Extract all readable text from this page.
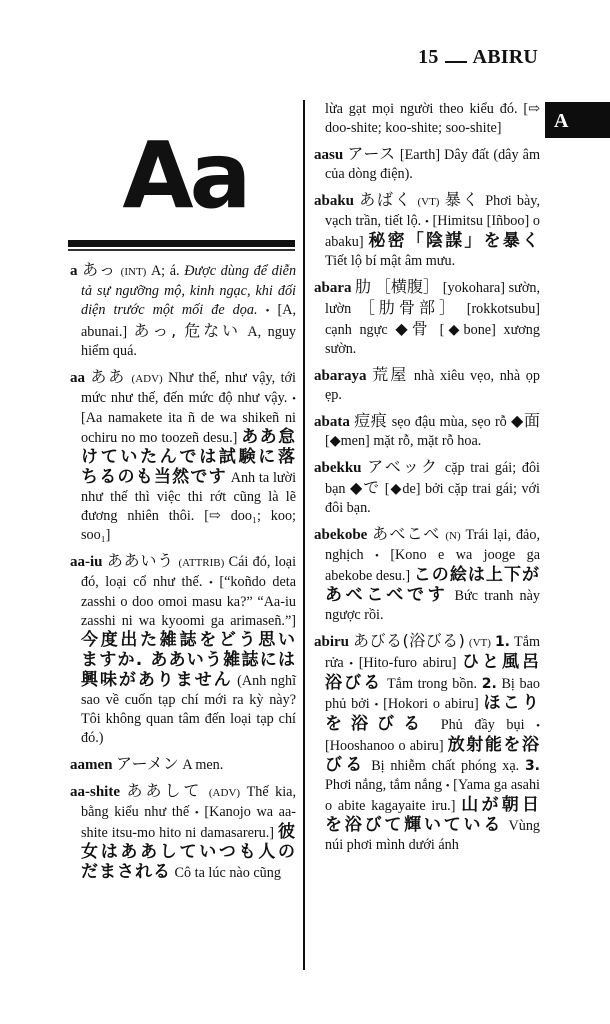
15 ABIRU
A
Aa

a あっ (INT) A; á. Được dùng để diễn tả sự ngưỡng mộ, kinh ngạc, khi đối diện trước một mối đe dọa. • [A, abunai.] あっ, 危ない A, nguy hiểm quá.

aa ああ (ADV) Như thế, như vậy, tới mức như thế, đến mức độ như vậy. • [Aa namakete ita ñ de wa shikeñ ni ochiru no mo toozeñ desu.] ああ怠けていたんでは試験に落ちるのも当然です Anh ta lười như thế thì việc thi rớt cũng là lẽ đương nhiên thôi. [⇨ doo₁; koo; soo₁]

aa-iu ああいう (ATTRIB) Cái đó, loại đó, loại cổ như thế. • [“koñdo deta zasshi o doo omoi masu ka?” “Aa-iu zasshi ni wa kyoomi ga arimaseñ.”] 今度出た雑誌をどう思いますか. ああいう雑誌には興味がありません (Anh nghĩ sao về cuốn tạp chí mới ra kỳ này? Tôi không quan tâm đến loại tạp chí đó.)

aamen アーメン A men.

aa-shite ああして (ADV) Thế kia, bằng kiểu như thế • [Kanojo wa aa-shite itsu-mo hito ni damasareru.] 彼女はああしていつも人のだまされる Cô ta lúc nào cũng

lừa gạt mọi người theo kiểu đó. [⇨ doo-shite; koo-shite; soo-shite]

aasu アース [Earth] Dây đất (dây âm của dòng điện).

abaku あばく (VT) 暴く Phơi bày, vạch trần, tiết lộ. • [Himitsu [Iñboo] o abaku] 秘密「陰謀」を暴く Tiết lộ bí mật âm mưu.

abara 肋 ［横腹］ [yokohara] sườn, lườn ［肋骨部］ [rokkotsubu] cạnh ngực ◆骨 [◆bone] xương sườn.

abaraya 荒屋 nhà xiêu vẹo, nhà ọp ẹp.

abata 痘痕 sẹo đậu mùa, sẹo rỗ ◆面 [◆men] mặt rỗ, mặt rỗ hoa.

abekku アベック cặp trai gái; đôi bạn ◆で [◆de] bởi cặp trai gái; với đôi bạn.

abekobe あべこべ (N) Trái lại, đảo, nghịch • [Kono e wa jooge ga abekobe desu.] この絵は上下があべこべです Bức tranh này ngược rồi.

abiru あびる(浴びる) (VT) 1. Tắm rửa • [Hito-furo abiru] ひと風呂浴びる Tắm trong bồn. 2. Bị bao phủ bởi • [Hokori o abiru] ほこりを浴びる Phủ đầy bụi • [Hooshanoo o abiru] 放射能を浴びる Bị nhiễm chất phóng xạ. 3. Phơi nắng, tắm nắng • [Yama ga asahi o abite kagayaite iru.] 山が朝日を浴びて輝いている Vùng núi phơi mình dưới ánh
